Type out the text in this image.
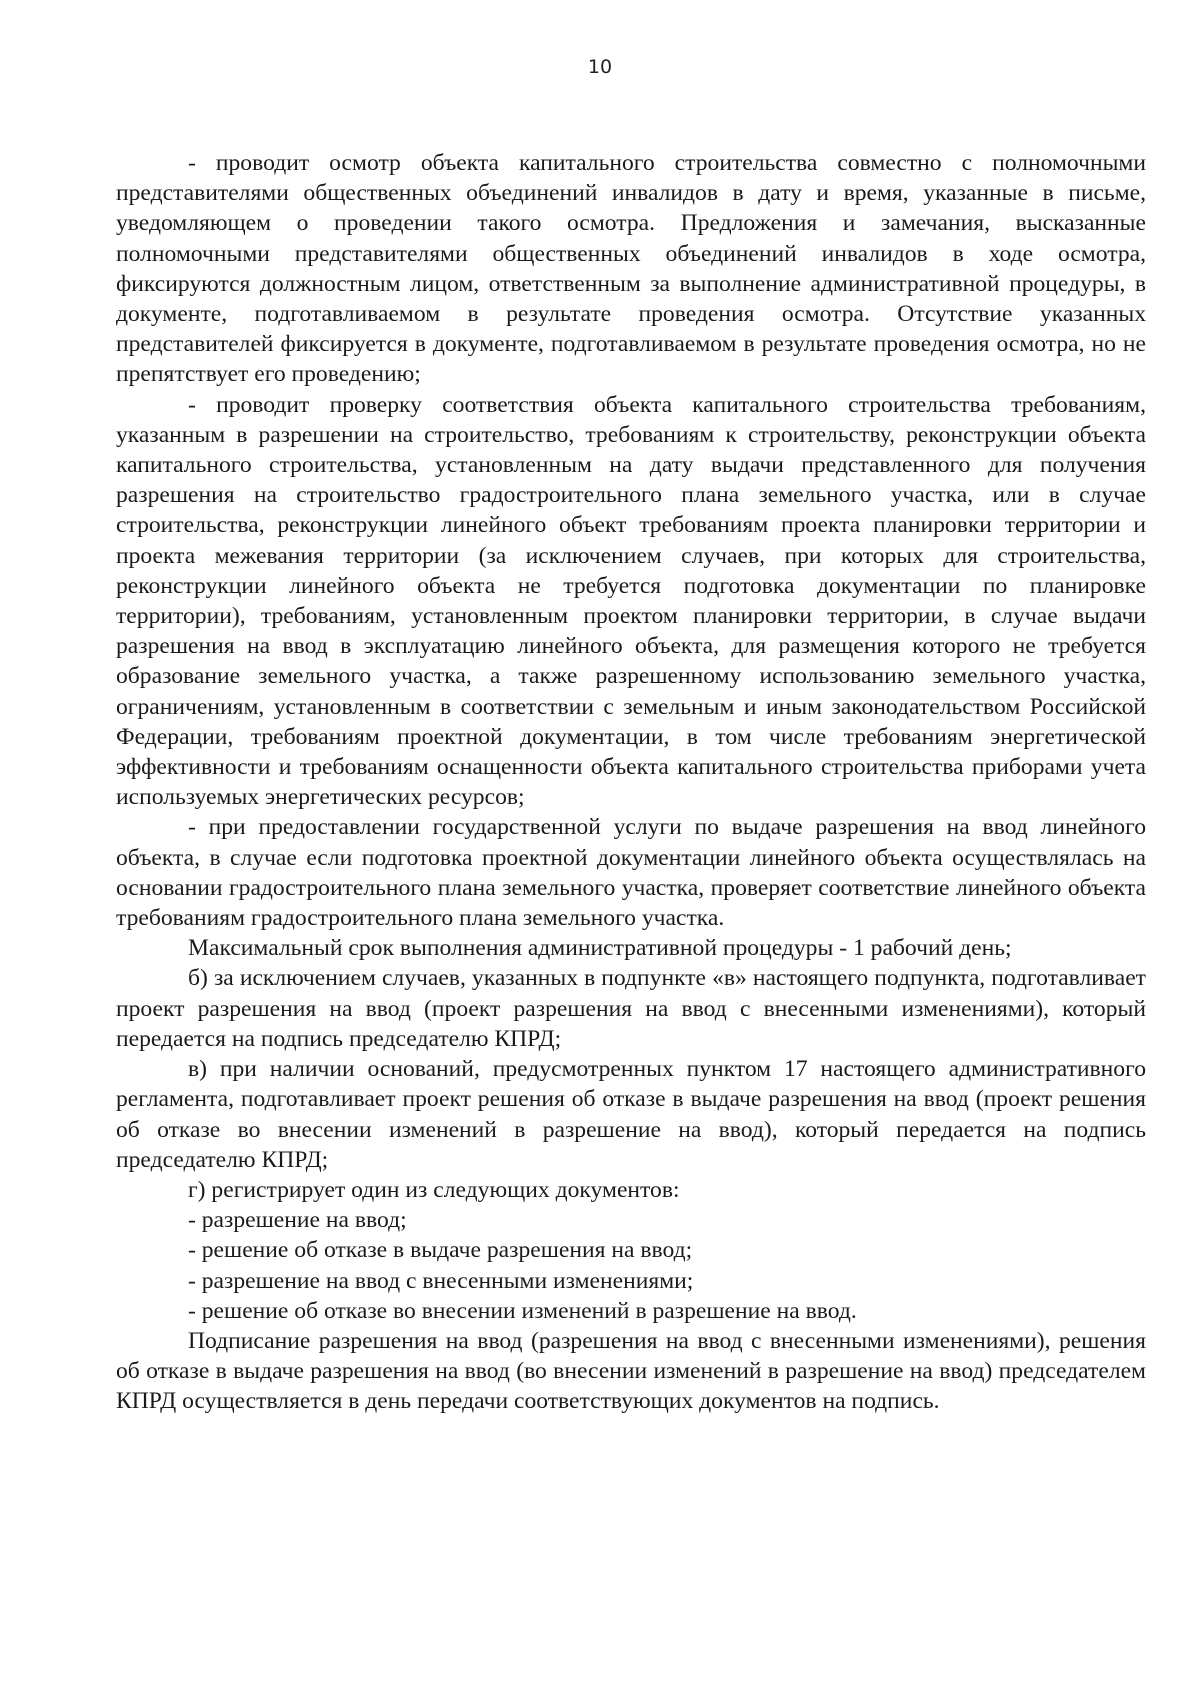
10

- проводит осмотр объекта капитального строительства совместно с полномочными представителями общественных объединений инвалидов в дату и время, указанные в письме, уведомляющем о проведении такого осмотра. Предложения и замечания, высказанные полномочными представителями общественных объединений инвалидов в ходе осмотра, фиксируются должностным лицом, ответственным за выполнение административной процедуры, в документе, подготавливаемом в результате проведения осмотра. Отсутствие указанных представителей фиксируется в документе, подготавливаемом в результате проведения осмотра, но не препятствует его проведению;

- проводит проверку соответствия объекта капитального строительства требованиям, указанным в разрешении на строительство, требованиям к строительству, реконструкции объекта капитального строительства, установленным на дату выдачи представленного для получения разрешения на строительство градостроительного плана земельного участка, или в случае строительства, реконструкции линейного объект требованиям проекта планировки территории и проекта межевания территории (за исключением случаев, при которых для строительства, реконструкции линейного объекта не требуется подготовка документации по планировке территории), требованиям, установленным проектом планировки территории, в случае выдачи разрешения на ввод в эксплуатацию линейного объекта, для размещения которого не требуется образование земельного участка, а также разрешенному использованию земельного участка, ограничениям, установленным в соответствии с земельным и иным законодательством Российской Федерации, требованиям проектной документации, в том числе требованиям энергетической эффективности и требованиям оснащенности объекта капитального строительства приборами учета используемых энергетических ресурсов;

- при предоставлении государственной услуги по выдаче разрешения на ввод линейного объекта, в случае если подготовка проектной документации линейного объекта осуществлялась на основании градостроительного плана земельного участка, проверяет соответствие линейного объекта требованиям градостроительного плана земельного участка.

Максимальный срок выполнения административной процедуры - 1 рабочий день;

б) за исключением случаев, указанных в подпункте «в» настоящего подпункта, подготавливает проект разрешения на ввод (проект разрешения на ввод с внесенными изменениями), который передается на подпись председателю КПРД;

в) при наличии оснований, предусмотренных пунктом 17 настоящего административного регламента, подготавливает проект решения об отказе в выдаче разрешения на ввод (проект решения об отказе во внесении изменений в разрешение на ввод), который передается на подпись председателю КПРД;

г) регистрирует один из следующих документов:

- разрешение на ввод;

- решение об отказе в выдаче разрешения на ввод;

- разрешение на ввод с внесенными изменениями;

- решение об отказе во внесении изменений в разрешение на ввод.

Подписание разрешения на ввод (разрешения на ввод с внесенными изменениями), решения об отказе в выдаче разрешения на ввод (во внесении изменений в разрешение на ввод) председателем КПРД осуществляется в день передачи соответствующих документов на подпись.
